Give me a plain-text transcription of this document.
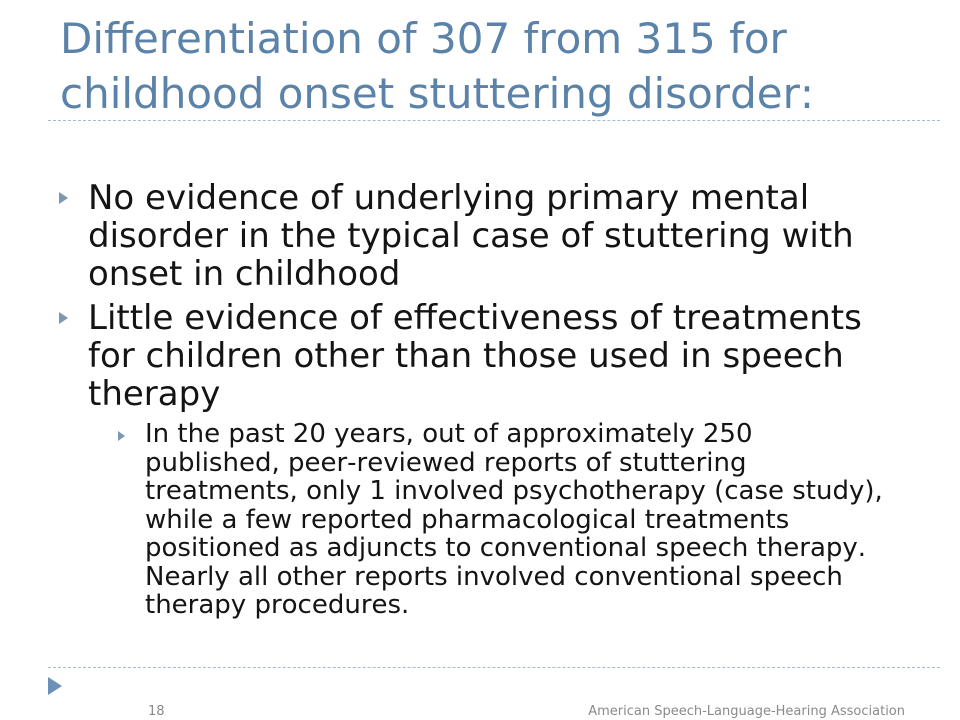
Differentiation of 307 from 315 for childhood onset stuttering disorder:
No evidence of underlying primary mental disorder in the typical case of stuttering with onset in childhood
Little evidence of effectiveness of treatments for children other than those used in speech therapy
In the past 20 years, out of approximately 250 published, peer-reviewed reports of stuttering treatments, only 1 involved psychotherapy (case study), while a few reported pharmacological treatments positioned as adjuncts to conventional speech therapy. Nearly all other reports involved conventional speech therapy procedures.
18	American Speech-Language-Hearing Association
